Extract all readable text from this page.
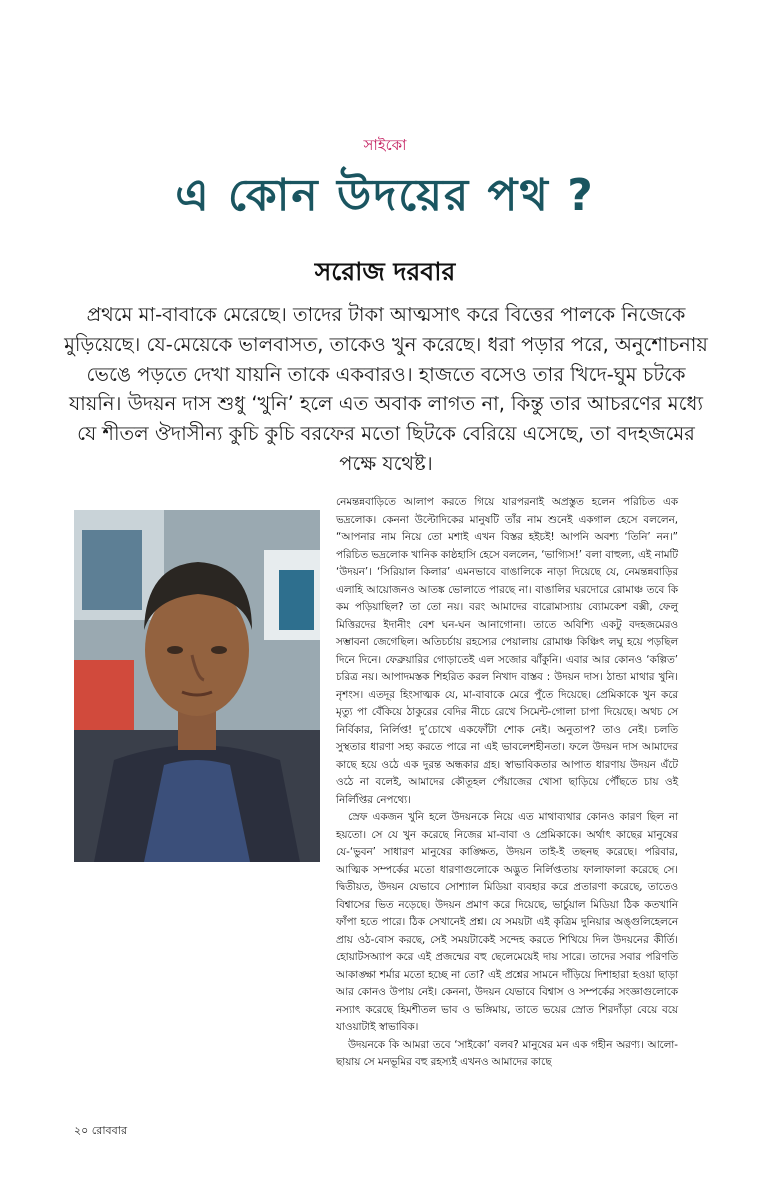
সাইকো
এ কোন উদয়ের পথ ?
সরোজ দরবার

প্রথমে মা-বাবাকে মেরেছে। তাদের টাকা আত্মসাৎ করে বিত্তের পালকে নিজেকে মুড়িয়েছে। যে-মেয়েকে ভালবাসত, তাকেও খুন করেছে। ধরা পড়ার পরে, অনুশোচনায় ভেঙে পড়তে দেখা যায়নি তাকে একবারও। হাজতে বসেও তার খিদে-ঘুম চটকে যায়নি। উদয়ন দাস শুধু ‘খুনি’ হলে এত অবাক লাগত না, কিন্তু তার আচরণের মধ্যে যে শীতল ঔদাসীন্য কুচি কুচি বরফের মতো ছিটকে বেরিয়ে এসেছে, তা বদহজমের পক্ষে যথেষ্ট।

নেমন্তন্নবাড়িতে আলাপ করতে গিয়ে যারপরনাই অপ্রস্তুত হলেন পরিচিত এক ভদ্রলোক। কেননা উল্টোদিকের মানুষটি তাঁর নাম শুনেই একগাল হেসে বললেন, “আপনার নাম নিয়ে তো মশাই এখন বিস্তর হইচই! আপনি অবশ্য ‘তিনি’ নন।” পরিচিত ভদ্রলোক খানিক কাষ্ঠহাসি হেসে বললেন, ‘ভাগ্যিস!’ বলা বাহুল্য, এই নামটি ‘উদয়ন’। ‘সিরিয়াল কিলার’ এমনভাবে বাঙালিকে নাড়া দিয়েছে যে, নেমন্তন্নবাড়ির এলাহি আয়োজনও আতঙ্ক ভোলাতে পারছে না। বাঙালির ঘরদোরে রোমাঞ্চ তবে কি কম পড়িয়াছিল? তা তো নয়। বরং আমাদের বারোমাস্যায় ব্যোমকেশ বক্সী, ফেলু মিত্তিরদের ইদানীং বেশ ঘন-ঘন আনাগোনা। তাতে অবিশ্যি একটু বদহজমেরও সম্ভাবনা জেগেছিল। অতিচর্চায় রহস্যের পেয়ালায় রোমাঞ্চ কিঞ্চিৎ লঘু হয়ে পড়ছিল দিনে দিনে। ফেব্রুয়ারির গোড়াতেই এল সজোর ঝাঁকুনি। এবার আর কোনও ‘কল্পিত’ চরিত্র নয়। আপাদমস্তক শিহরিত করল নিখাদ বাস্তব : উদয়ন দাস। ঠান্ডা মাথার খুনি। নৃশংস। এতদূর হিংসাত্মক যে, মা-বাবাকে মেরে পুঁতে দিয়েছে। প্রেমিকাকে খুন করে মৃত্যু পা বেঁকিয়ে ঠাকুরের বেদির নীচে রেখে সিমেন্ট-গোলা চাপা দিয়েছে। অথচ সে নির্বিকার, নির্লিপ্ত! দু’চোখে একফোঁটা শোক নেই। অনুতাপ? তাও নেই। চলতি সুস্থতার ধারণা সহ্য করতে পারে না এই ভাবলেশহীনতা। ফলে উদয়ন দাস আমাদের কাছে হয়ে ওঠে এক দুরন্ত অন্ধকার গ্রহ। স্বাভাবিকতার আপাত ধারণায় উদয়ন এঁটে ওঠে না বলেই, আমাদের কৌতূহল পেঁয়াজের খোসা ছাড়িয়ে পৌঁছতে চায় ওই নির্লিপ্তির নেপথ্যে।

স্রেফ একজন খুনি হলে উদয়নকে নিয়ে এত মাথাব্যথার কোনও কারণ ছিল না হয়তো। সে যে খুন করেছে নিজের মা-বাবা ও প্রেমিকাকে। অর্থাৎ কাছের মানুষের যে-‘ভুবন’ সাধারণ মানুষের কাঙ্ক্ষিত, উদয়ন তাই-ই তছনছ করেছে। পরিবার, আত্মিক সম্পর্কের মতো ধারণাগুলোকে অদ্ভুত নির্লিপ্ততায় ফালাফালা করেছে সে। দ্বিতীয়ত, উদয়ন যেভাবে সোশ্যাল মিডিয়া ব্যবহার করে প্রতারণা করেছে, তাতেও বিশ্বাসের ভিত নড়েছে। উদয়ন প্রমাণ করে দিয়েছে, ভার্চুয়াল মিডিয়া ঠিক কতখানি ফাঁপা হতে পারে। ঠিক সেখানেই প্রশ্ন। যে সময়টা এই কৃত্রিম দুনিয়ার অঙ্গুলিহেলনে প্রায় ওঠ-বোস করছে, সেই সময়টাকেই সন্দেহ করতে শিখিয়ে দিল উদয়নের কীর্তি। হোয়াটসঅ্যাপ করে এই প্রজন্মের বহু ছেলেমেয়েই দায় সারে। তাদের সবার পরিণতি আকাঙ্ক্ষা শর্মার মতো হচ্ছে না তো? এই প্রশ্নের সামনে দাঁড়িয়ে দিশাহারা হওয়া ছাড়া আর কোনও উপায় নেই। কেননা, উদয়ন যেভাবে বিশ্বাস ও সম্পর্কের সংজ্ঞাগুলোকে নস্যাৎ করেছে হিমশীতল ভাব ও ভঙ্গিমায়, তাতে ভয়ের স্রোত শিরদাঁড়া বেয়ে বয়ে যাওয়াটাই স্বাভাবিক।

উদয়নকে কি আমরা তবে ‘সাইকো’ বলব? মানুষের মন এক গহীন অরণ্য। আলো-ছায়ায় সে মনভূমির বহু রহস্যই এখনও আমাদের কাছে

২০ রোববার
